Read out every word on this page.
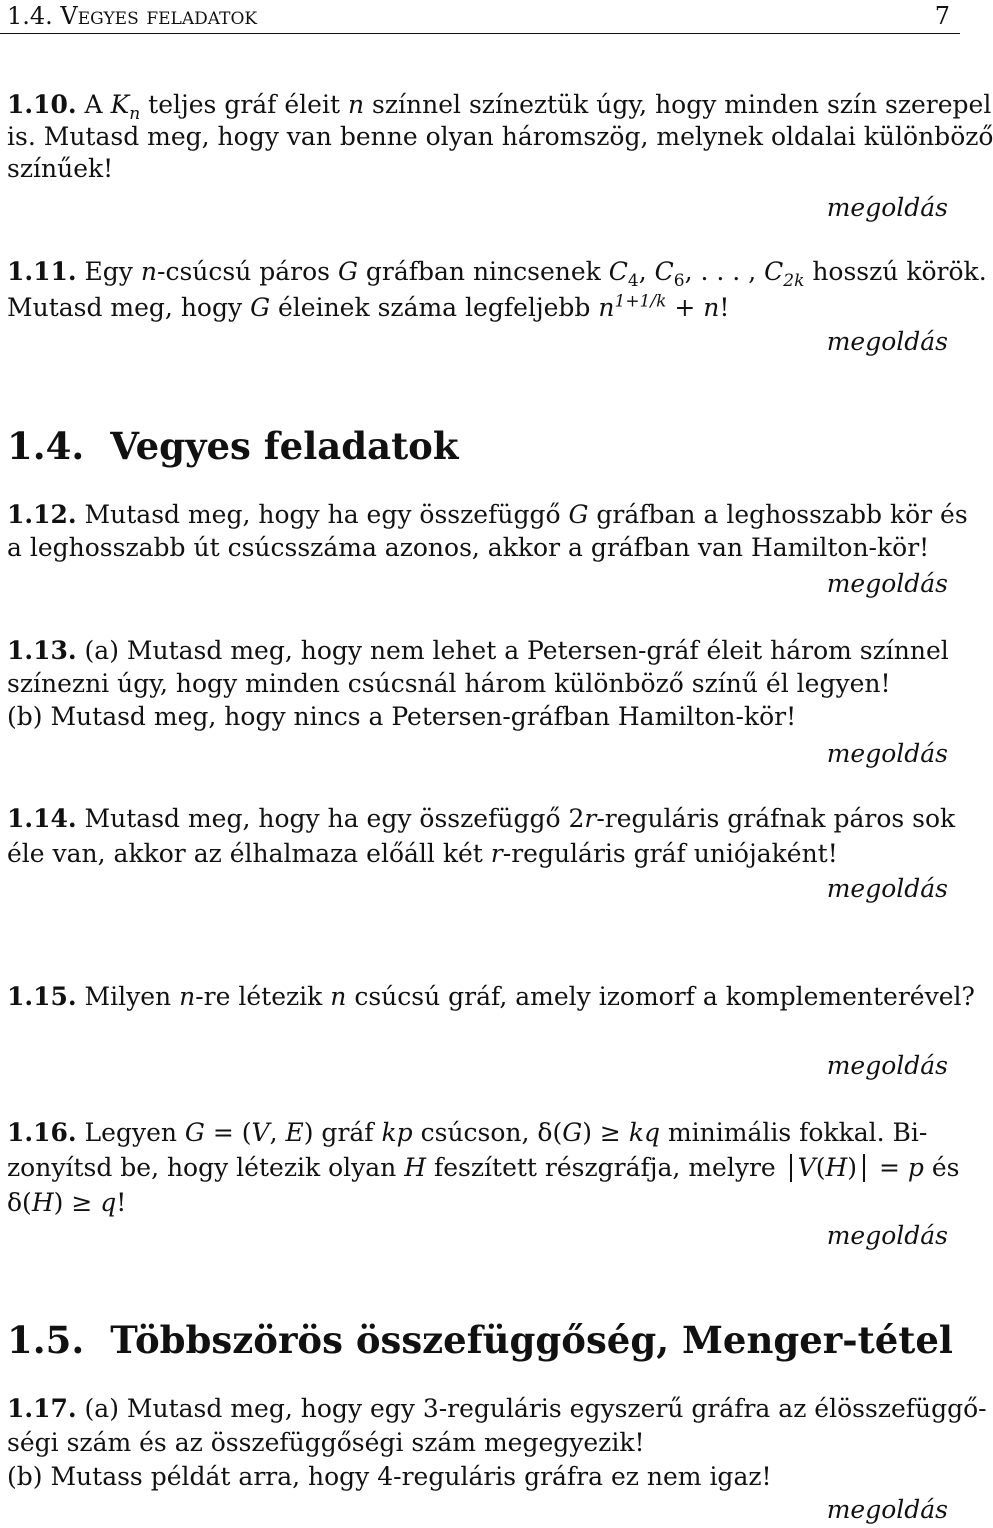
1.4. Vegyes feladatok	7
1.10. A $K_n$ teljes gráf éleit n színnel színeztük úgy, hogy minden szín szerepel
is. Mutasd meg, hogy van benne olyan háromszög, melynek oldalai különböző
színűek!
megoldás
1.11. Egy n-csúcsú páros G gráfban nincsenek $C_4$, $C_6$, . . . , $C_{2k}$ hosszú körök.
Mutasd meg, hogy G éleinek száma legfeljebb $n^{1+1/k} + n$!
megoldás
1.4. Vegyes feladatok
1.12. Mutasd meg, hogy ha egy összefüggő G gráfban a leghosszabb kör és
a leghosszabb út csúcsszáma azonos, akkor a gráfban van Hamilton-kör!
megoldás
1.13. (a) Mutasd meg, hogy nem lehet a Petersen-gráf éleit három színnel
színezni úgy, hogy minden csúcsnál három különböző színű él legyen!
(b) Mutasd meg, hogy nincs a Petersen-gráfban Hamilton-kör!
megoldás
1.14. Mutasd meg, hogy ha egy összefüggő 2r-reguláris gráfnak páros sok
éle van, akkor az élhalmaza előáll két r-reguláris gráf uniójaként!
megoldás
1.15. Milyen n-re létezik n csúcsú gráf, amely izomorf a komplementerével?
megoldás
1.16. Legyen G = (V, E) gráf kp csúcson, δ(G) ≥ kq minimális fokkal. Bi-
zonyítsd be, hogy létezik olyan H feszített részgráfja, melyre V(H) = p és
δ(H) ≥ q!
megoldás
1.5. Többszörös összefüggőség, Menger-tétel
1.17. (a) Mutasd meg, hogy egy 3-reguláris egyszerű gráfra az élösszefüggő-
ségi szám és az összefüggőségi szám megegyezik!
(b) Mutass példát arra, hogy 4-reguláris gráfra ez nem igaz!
megoldás
